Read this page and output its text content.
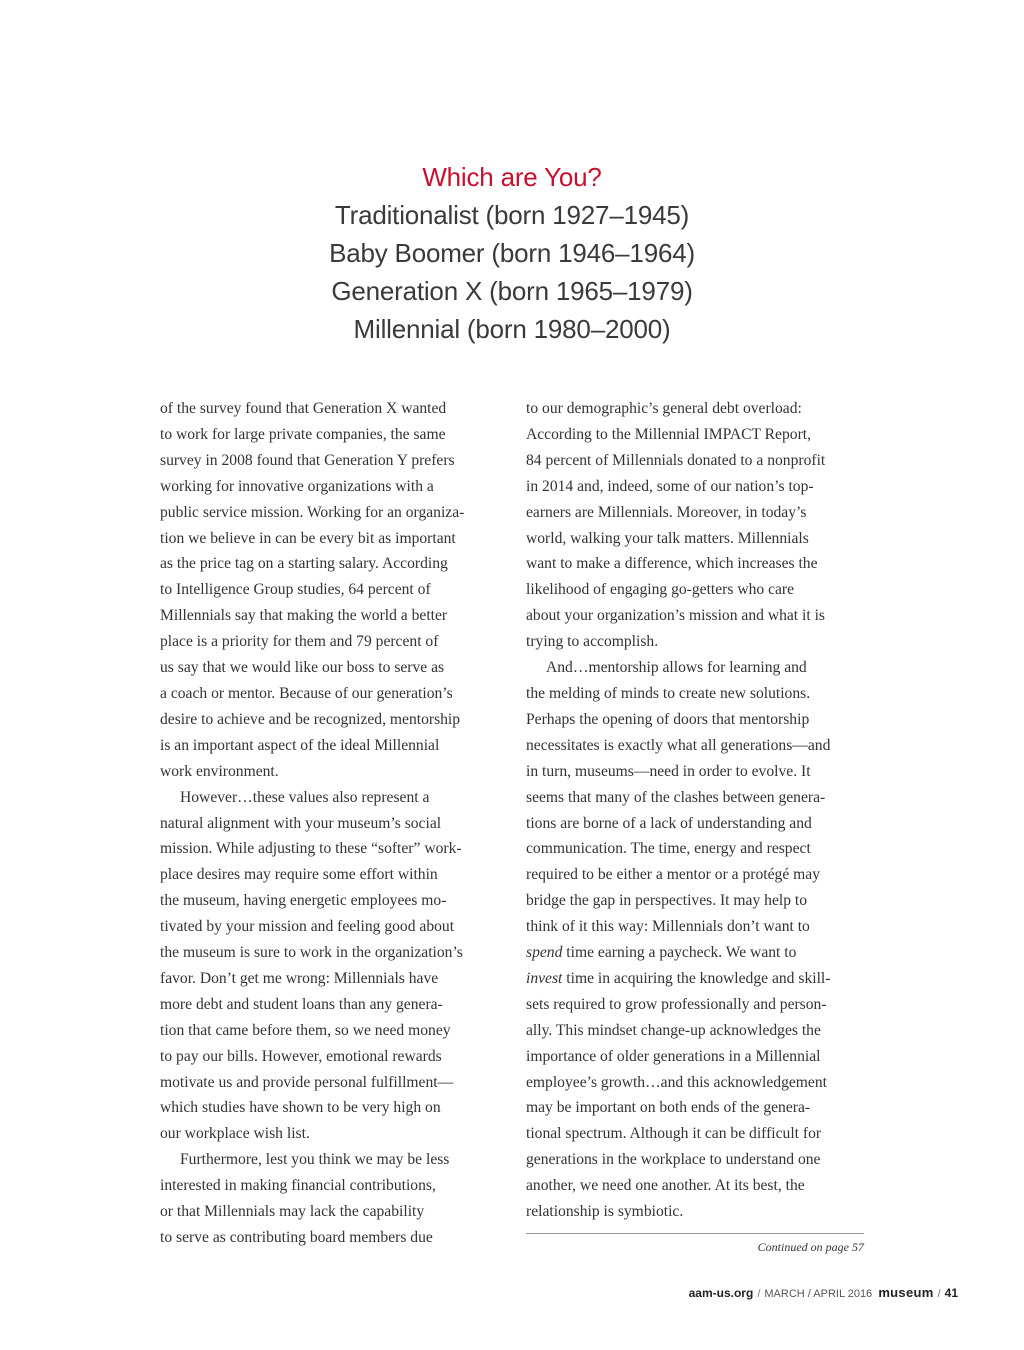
Which are You?

Traditionalist (born 1927–1945)

Baby Boomer (born 1946–1964)

Generation X (born 1965–1979)

Millennial (born 1980–2000)

of the survey found that Generation X wanted
to work for large private companies, the same
survey in 2008 found that Generation Y prefers
working for innovative organizations with a
public service mission. Working for an organiza-
tion we believe in can be every bit as important
as the price tag on a starting salary. According
to Intelligence Group studies, 64 percent of
Millennials say that making the world a better
place is a priority for them and 79 percent of
us say that we would like our boss to serve as
a coach or mentor. Because of our generation’s
desire to achieve and be recognized, mentorship
is an important aspect of the ideal Millennial
work environment.
However…these values also represent a
natural alignment with your museum’s social
mission. While adjusting to these “softer” work-
place desires may require some effort within
the museum, having energetic employees mo-
tivated by your mission and feeling good about
the museum is sure to work in the organization’s
favor. Don’t get me wrong: Millennials have
more debt and student loans than any genera-
tion that came before them, so we need money
to pay our bills. However, emotional rewards
motivate us and provide personal fulfillment—
which studies have shown to be very high on
our workplace wish list.
Furthermore, lest you think we may be less
interested in making financial contributions,
or that Millennials may lack the capability
to serve as contributing board members due
to our demographic’s general debt overload:
According to the Millennial IMPACT Report,
84 percent of Millennials donated to a nonprofit
in 2014 and, indeed, some of our nation’s top-
earners are Millennials. Moreover, in today’s
world, walking your talk matters. Millennials
want to make a difference, which increases the
likelihood of engaging go-getters who care
about your organization’s mission and what it is
trying to accomplish.
And…mentorship allows for learning and
the melding of minds to create new solutions.
Perhaps the opening of doors that mentorship
necessitates is exactly what all generations—and
in turn, museums—need in order to evolve. It
seems that many of the clashes between genera-
tions are borne of a lack of understanding and
communication. The time, energy and respect
required to be either a mentor or a protégé may
bridge the gap in perspectives. It may help to
think of it this way: Millennials don’t want to
spend time earning a paycheck. We want to
invest time in acquiring the knowledge and skill-
sets required to grow professionally and person-
ally. This mindset change-up acknowledges the
importance of older generations in a Millennial
employee’s growth…and this acknowledgement
may be important on both ends of the genera-
tional spectrum. Although it can be difficult for
generations in the workplace to understand one
another, we need one another. At its best, the
relationship is symbiotic.
Continued on page 57
aam-us.org / MARCH / APRIL 2016 museum / 41
